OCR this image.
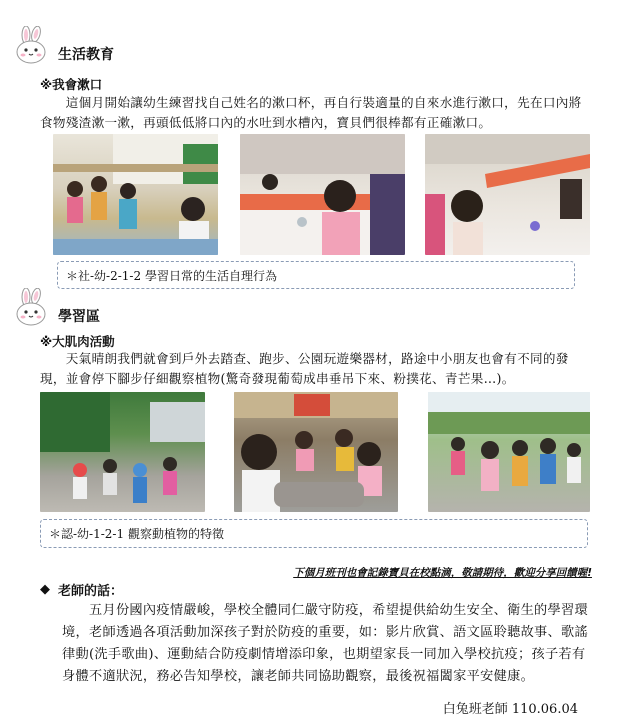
生活教育
※我會漱口
　　這個月開始讓幼生練習找自己姓名的漱口杯，再自行裝適量的自來水進行漱口，先在口內將食物殘渣漱一漱，再頭低低將口內的水吐到水槽內，寶貝們很棒都有正確漱口。
＊社-幼-2-1-2 學習日常的生活自理行為
學習區
※大肌肉活動
　　天氣晴朗我們就會到戶外去踏查、跑步、公園玩遊樂器材，路途中小朋友也會有不同的發現，並會停下腳步仔細觀察植物(驚奇發現葡萄成串垂吊下來、粉撲花、青芒果…)。
＊認-幼-1-2-1 觀察動植物的特徵
下個月班刊也會記錄寶貝在校點滴，敬請期待，歡迎分享回饋喔!
◆ 老師的話：
　　五月份國內疫情嚴峻，學校全體同仁嚴守防疫，希望提供給幼生安全、衛生的學習環境，老師透過各項活動加深孩子對於防疫的重要，如：影片欣賞、語文區聆聽故事、歌謠律動(洗手歌曲)、運動結合防疫劇情增添印象，也期望家長一同加入學校抗疫；孩子若有身體不適狀況，務必告知學校，讓老師共同協助觀察，最後祝福闔家平安健康。
白兔班老師 110.06.04
